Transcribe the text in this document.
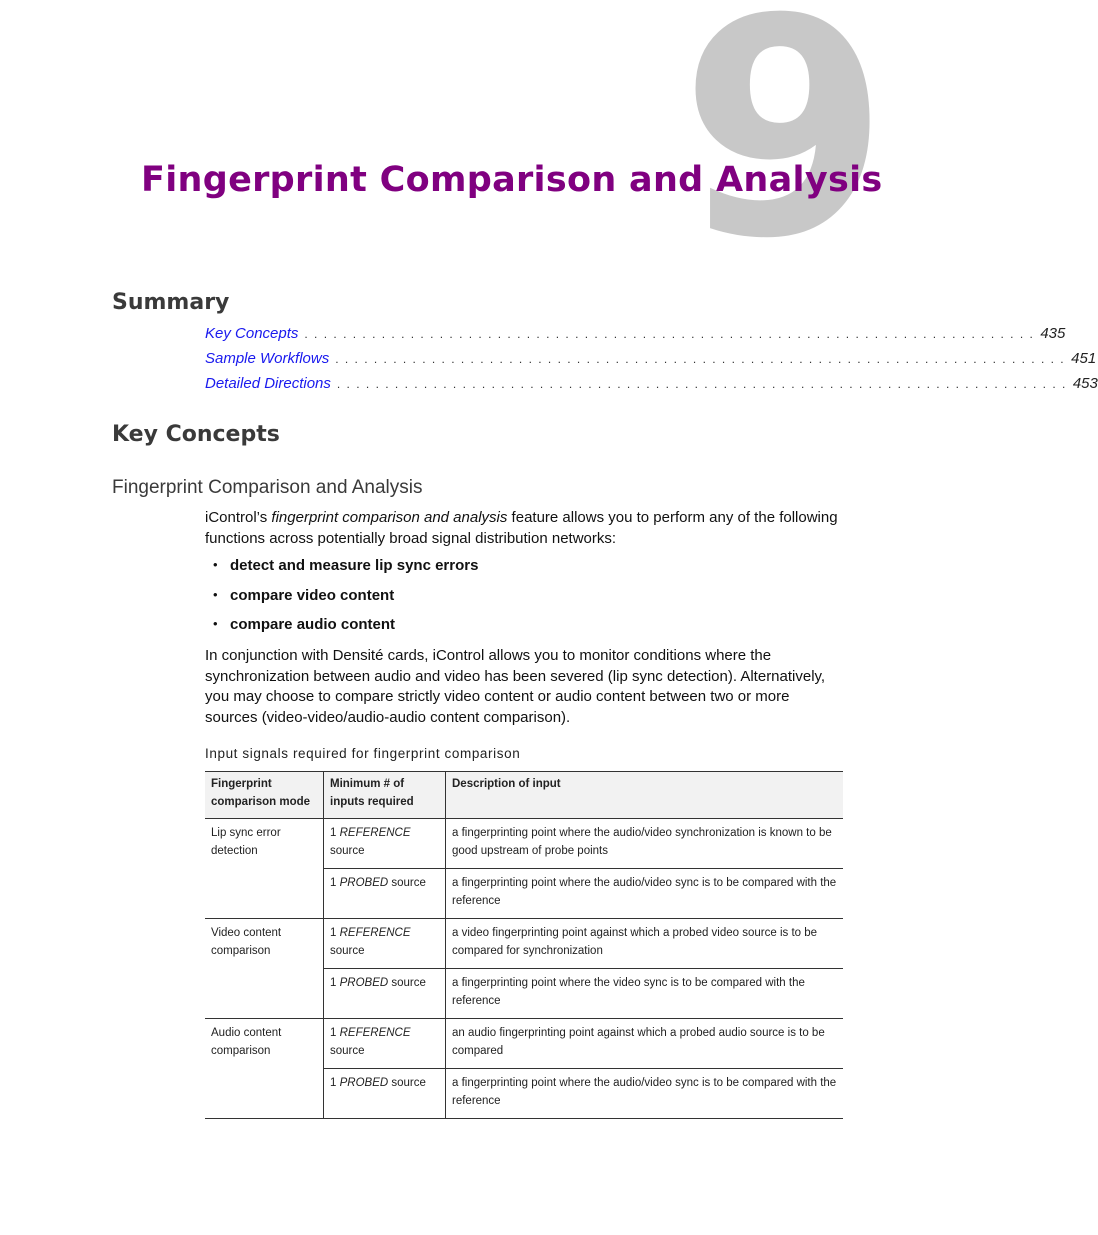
9
Fingerprint Comparison and Analysis
Summary
Key Concepts . . . . . . . . . . . . . . . . . . . . . . . . . . . . . . . . . . . . . . . . . . . . . . . . . . . . . . . . . . . . . . . . . . . . . . . . . . . . 435
Sample Workflows . . . . . . . . . . . . . . . . . . . . . . . . . . . . . . . . . . . . . . . . . . . . . . . . . . . . . . . . . . . . . . . . . . . . . . . . . . . . 451
Detailed Directions . . . . . . . . . . . . . . . . . . . . . . . . . . . . . . . . . . . . . . . . . . . . . . . . . . . . . . . . . . . . . . . . . . . . . . . . . . . . 453
Key Concepts
Fingerprint Comparison and Analysis

iControl’s fingerprint comparison and analysis feature allows you to perform any of the following functions across potentially broad signal distribution networks:

• detect and measure lip sync errors
• compare video content
• compare audio content

In conjunction with Densité cards, iControl allows you to monitor conditions where the synchronization between audio and video has been severed (lip sync detection). Alternatively, you may choose to compare strictly video content or audio content between two or more sources (video-video/audio-audio content comparison).

Input signals required for fingerprint comparison

Fingerprint comparison mode	Minimum # of inputs required	Description of input
Lip sync error detection	1 REFERENCE source	a fingerprinting point where the audio/video synchronization is known to be good upstream of probe points
	1 PROBED source	a fingerprinting point where the audio/video sync is to be compared with the reference
Video content comparison	1 REFERENCE source	a video fingerprinting point against which a probed video source is to be compared for synchronization
	1 PROBED source	a fingerprinting point where the video sync is to be compared with the reference
Audio content comparison	1 REFERENCE source	an audio fingerprinting point against which a probed audio source is to be compared
	1 PROBED source	a fingerprinting point where the audio/video sync is to be compared with the reference
